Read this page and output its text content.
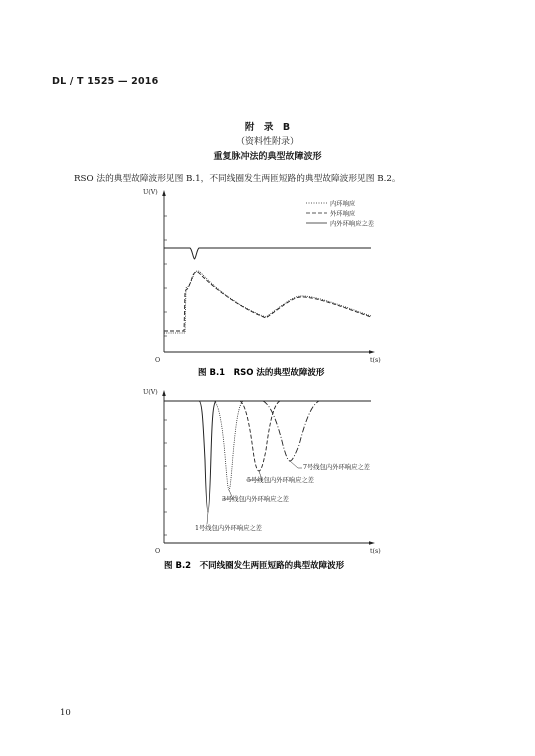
DL / T 1525 — 2016
附　录　B
（资料性附录）
重复脉冲法的典型故障波形
RSO 法的典型故障波形见图 B.1，不同线圈发生两匝短路的典型故障波形见图 B.2。
U(V)
O	t(s)
内环响应
外环响应
内外环响应之差
图 B.1　RSO 法的典型故障波形
U(V)
O	t(s)
7号线包内外环响应之差
5号线包内外环响应之差
3号线包内外环响应之差
1号线包内外环响应之差
图 B.2　不同线圈发生两匝短路的典型故障波形
10
